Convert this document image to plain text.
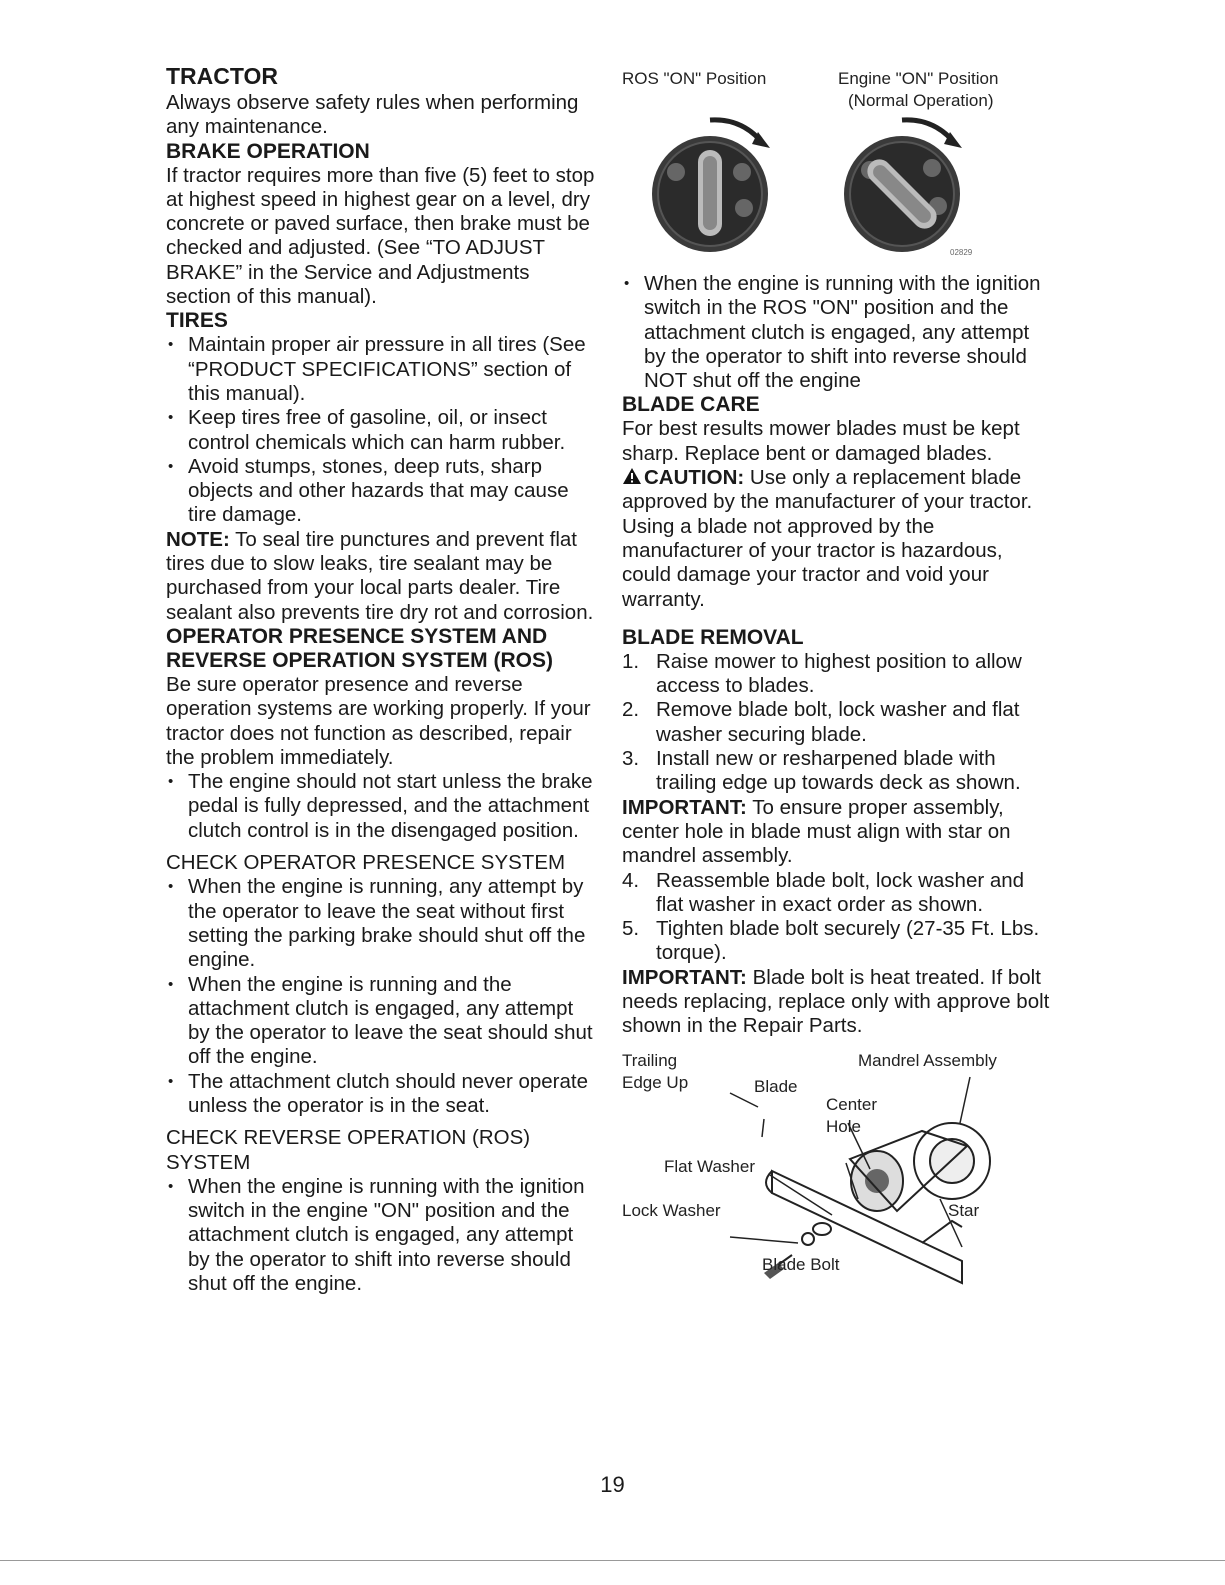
TRACTOR
Always observe safety rules when performing any maintenance.
BRAKE OPERATION
If tractor requires more than five (5) feet to stop at highest speed in highest gear on a level, dry concrete or paved surface, then brake must be checked and adjusted. (See “TO ADJUST BRAKE” in the Service and Adjustments section of this manual).
TIRES
• Maintain proper air pressure in all tires (See “PRODUCT SPECIFICATIONS” section of this manual).
• Keep tires free of gasoline, oil, or insect control chemicals which can harm rubber.
• Avoid stumps, stones, deep ruts, sharp objects and other hazards that may cause tire damage.
NOTE: To seal tire punctures and prevent flat tires due to slow leaks, tire sealant may be purchased from your local parts dealer. Tire sealant also prevents tire dry rot and corrosion.
OPERATOR PRESENCE SYSTEM AND REVERSE OPERATION SYSTEM (ROS)
Be sure operator presence and reverse operation systems are working properly. If your tractor does not function as described, repair the problem immediately.
• The engine should not start unless the brake pedal is fully depressed, and the attachment clutch control is in the disengaged position.
CHECK OPERATOR PRESENCE SYSTEM
• When the engine is running, any attempt by the operator to leave the seat without first setting the parking brake should shut off the engine.
• When the engine is running and the attachment clutch is engaged, any attempt by the operator to leave the seat should shut off the engine.
• The attachment clutch should never operate unless the operator is in the seat.
CHECK REVERSE OPERATION (ROS) SYSTEM
• When the engine is running with the ignition switch in the engine "ON" position and the attachment clutch is engaged, any attempt by the operator to shift into reverse should shut off the engine.
ROS "ON" Position	Engine "ON" Position
(Normal Operation)
02829
• When the engine is running with the ignition switch in the ROS "ON" position and the attachment clutch is engaged, any attempt by the operator to shift into reverse should NOT shut off the engine
BLADE CARE
For best results mower blades must be kept sharp. Replace bent or damaged blades.
CAUTION: Use only a replacement blade approved by the manufacturer of your tractor. Using a blade not approved by the manufacturer of your tractor is hazardous, could damage your tractor and void your warranty.
BLADE REMOVAL
1. Raise mower to highest position to allow access to blades.
2. Remove blade bolt, lock washer and flat washer securing blade.
3. Install new or resharpened blade with trailing edge up towards deck as shown.
IMPORTANT: To ensure proper assembly, center hole in blade must align with star on mandrel assembly.
4. Reassemble blade bolt, lock washer and flat washer in exact order as shown.
5. Tighten blade bolt securely (27-35 Ft. Lbs. torque).
IMPORTANT: Blade bolt is heat treated. If bolt needs replacing, replace only with approve bolt shown in the Repair Parts.
Trailing
Edge Up	Blade
Mandrel Assembly
Center
Hole
Flat Washer
Lock Washer	Star
Blade Bolt
19
